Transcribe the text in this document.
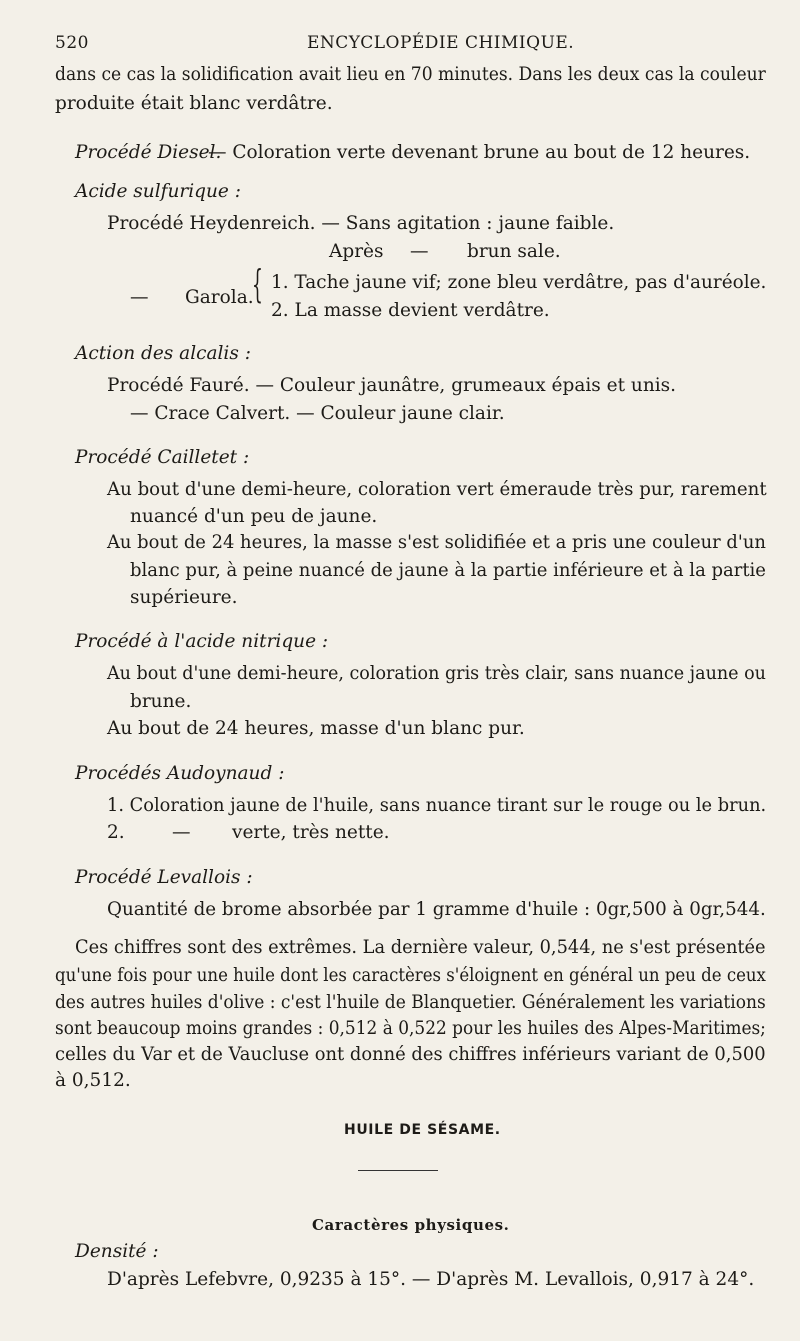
520	ENCYCLOPÉDIE CHIMIQUE.
dans ce cas la solidification avait lieu en 70 minutes. Dans les deux cas la couleur
produite était blanc verdâtre.
Procédé Diesel.
— Coloration verte devenant brune au bout de 12 heures.
Acide sulfurique :
Procédé Heydenreich. — Sans agitation : jaune faible.
Après — brun sale.
— Garola.
{ 1. Tache jaune vif; zone bleu verdâtre, pas d'auréole.
2. La masse devient verdâtre.
Action des alcalis :
Procédé Fauré. — Couleur jaunâtre, grumeaux épais et unis.
— Crace Calvert. — Couleur jaune clair.
Procédé Cailletet :
Au bout d'une demi-heure, coloration vert émeraude très pur, rarement
nuancé d'un peu de jaune.
Au bout de 24 heures, la masse s'est solidifiée et a pris une couleur d'un
blanc pur, à peine nuancé de jaune à la partie inférieure et à la partie
supérieure.
Procédé à l'acide nitrique :
Au bout d'une demi-heure, coloration gris très clair, sans nuance jaune ou
brune.
Au bout de 24 heures, masse d'un blanc pur.
Procédés Audoynaud :
1. Coloration jaune de l'huile, sans nuance tirant sur le rouge ou le brun.
2.	— verte, très nette.
Procédé Levallois :
Quantité de brome absorbée par 1 gramme d'huile : 0gr,500 à 0gr,544.
Ces chiffres sont des extrêmes. La dernière valeur, 0,544, ne s'est présentée
qu'une fois pour une huile dont les caractères s'éloignent en général un peu de ceux
des autres huiles d'olive : c'est l'huile de Blanquetier. Généralement les variations
sont beaucoup moins grandes : 0,512 à 0,522 pour les huiles des Alpes-Maritimes;
celles du Var et de Vaucluse ont donné des chiffres inférieurs variant de 0,500
à 0,512.
HUILE DE SÉSAME.
Caractères physiques.
Densité :
D'après Lefebvre, 0,9235 à 15°. — D'après M. Levallois, 0,917 à 24°.
